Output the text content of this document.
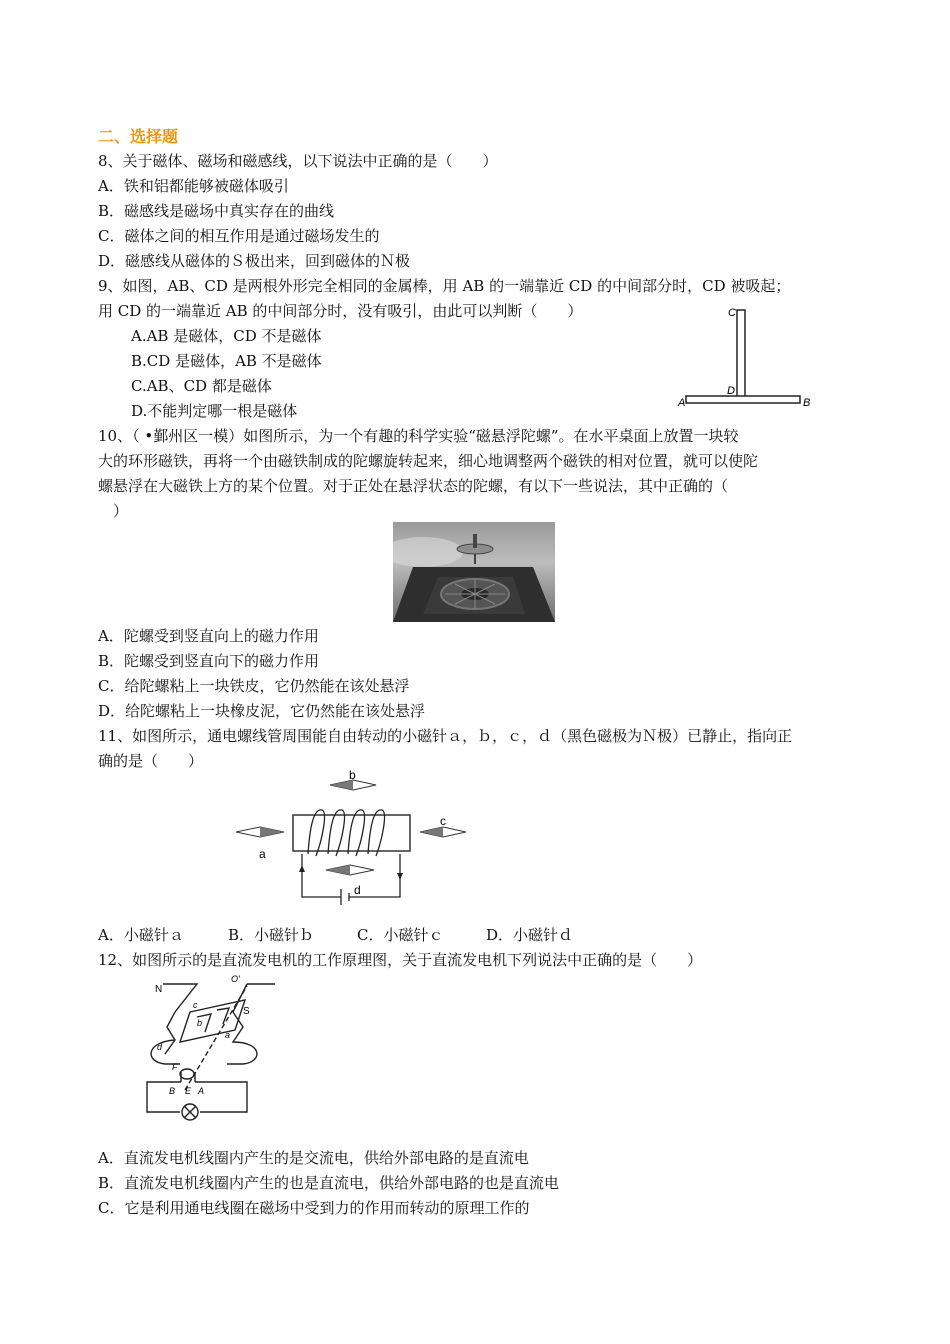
二、选择题
8、关于磁体、磁场和磁感线，以下说法中正确的是（　　）
A．铁和铝都能够被磁体吸引
B．磁感线是磁场中真实存在的曲线
C．磁体之间的相互作用是通过磁场发生的
D．磁感线从磁体的Ｓ极出来，回到磁体的Ｎ极
9、如图，AB、CD 是两根外形完全相同的金属棒，用 AB 的一端靠近 CD 的中间部分时，CD 被吸起；
用 CD 的一端靠近 AB 的中间部分时，没有吸引，由此可以判断（　　）
A.AB 是磁体，CD 不是磁体
B.CD 是磁体，AB 不是磁体
C.AB、CD 都是磁体
D.不能判定哪一根是磁体
C
D
A	B
10、（ •鄞州区一模）如图所示，为一个有趣的科学实验“磁悬浮陀螺”。在水平桌面上放置一块较
大的环形磁铁，再将一个由磁铁制成的陀螺旋转起来，细心地调整两个磁铁的相对位置，就可以使陀
螺悬浮在大磁铁上方的某个位置。对于正处在悬浮状态的陀螺，有以下一些说法，其中正确的（
）
A．陀螺受到竖直向上的磁力作用
B．陀螺受到竖直向下的磁力作用
C．给陀螺粘上一块铁皮，它仍然能在该处悬浮
D．给陀螺粘上一块橡皮泥，它仍然能在该处悬浮
11、如图所示，通电螺线管周围能自由转动的小磁针ａ，ｂ，ｃ，ｄ（黑色磁极为Ｎ极）已静止，指向正
确的是（　　）
b
a
c
d
A．小磁针ａ	B．小磁针ｂ	C．小磁针ｃ	D．小磁针ｄ
12、如图所示的是直流发电机的工作原理图，关于直流发电机下列说法中正确的是（　　）
N
S
O'
c
b
d
a
F
B E A
A．直流发电机线圈内产生的是交流电，供给外部电路的是直流电
B．直流发电机线圈内产生的也是直流电，供给外部电路的也是直流电
C．它是利用通电线圈在磁场中受到力的作用而转动的原理工作的
